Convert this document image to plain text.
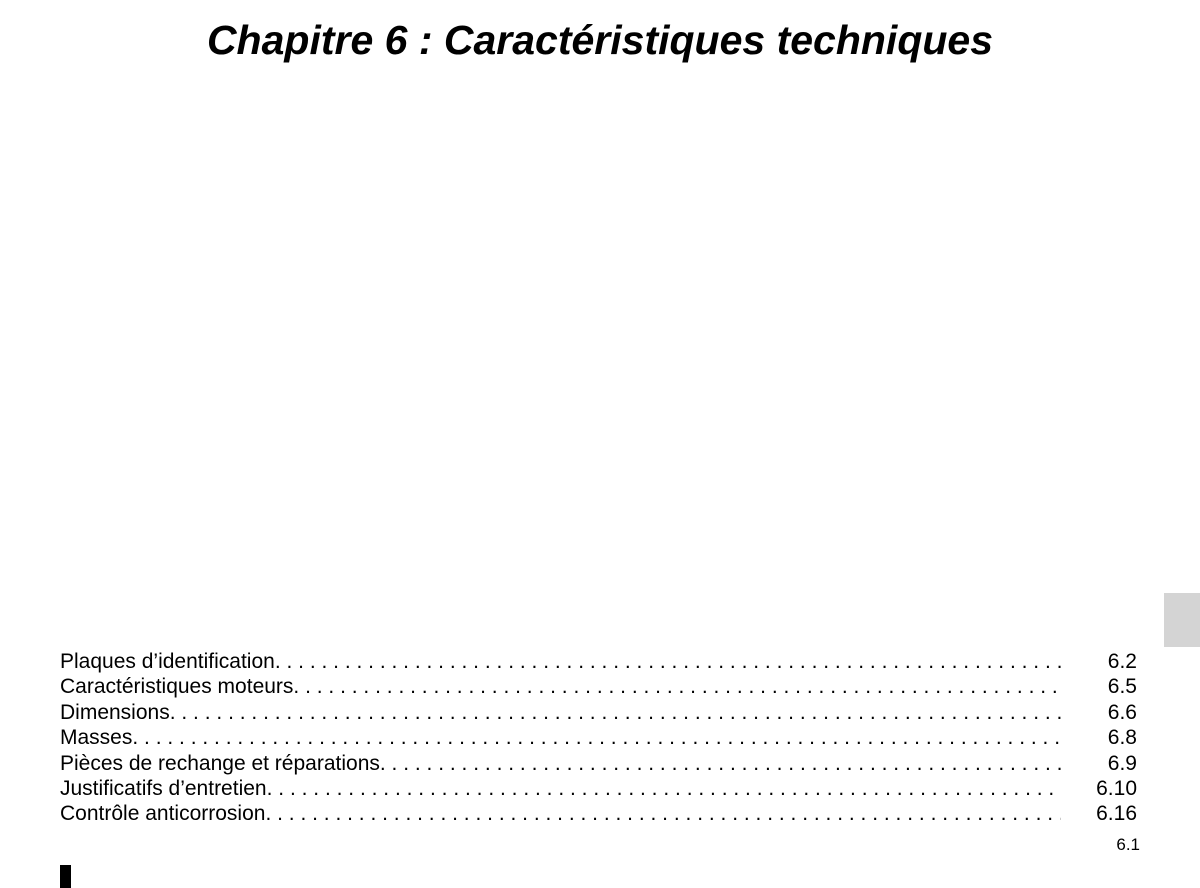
Chapitre 6 : Caractéristiques techniques
Plaques d’identification . . .	6.2
Caractéristiques moteurs . . .	6.5
Dimensions . . .	6.6
Masses . . .	6.8
Pièces de rechange et réparations . . .	6.9
Justificatifs d’entretien . . .	6.10
Contrôle anticorrosion . . .	6.16
6.1
